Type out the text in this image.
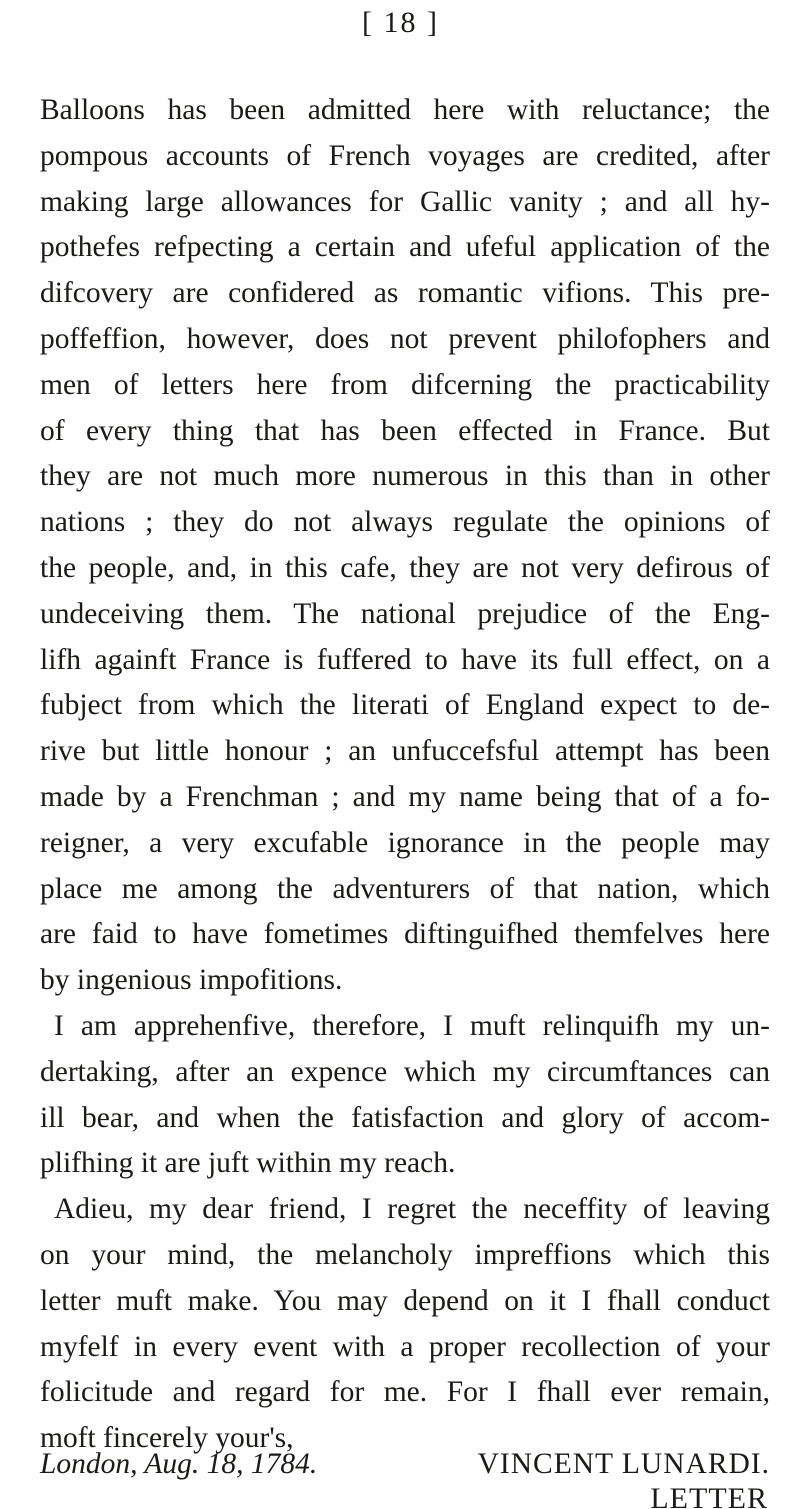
[ 18 ]
Balloons has been admitted here with reluctance; the
pompous accounts of French voyages are credited, after
making large allowances for Gallic vanity ; and all hy-
pothefes refpecting a certain and ufeful application of the
difcovery are confidered as romantic vifions. This pre-
poffeffion, however, does not prevent philofophers and
men of letters here from difcerning the practicability
of every thing that has been effected in France. But
they are not much more numerous in this than in other
nations ; they do not always regulate the opinions of
the people, and, in this cafe, they are not very defirous of
undeceiving them. The national prejudice of the Eng-
lifh againft France is fuffered to have its full effect, on a
fubject from which the literati of England expect to de-
rive but little honour ; an unfuccefsful attempt has been
made by a Frenchman ; and my name being that of a fo-
reigner, a very excufable ignorance in the people may
place me among the adventurers of that nation, which
are faid to have fometimes diftinguifhed themfelves here
by ingenious impofitions.
I am apprehenfive, therefore, I muft relinquifh my un-
dertaking, after an expence which my circumftances can
ill bear, and when the fatisfaction and glory of accom-
plifhing it are juft within my reach.
Adieu, my dear friend, I regret the neceffity of leaving
on your mind, the melancholy impreffions which this
letter muft make. You may depend on it I fhall conduct
myfelf in every event with a proper recollection of your
folicitude and regard for me. For I fhall ever remain,
moft fincerely your's,
London, Aug. 18, 1784.	VINCENT LUNARDI.
LETTER
